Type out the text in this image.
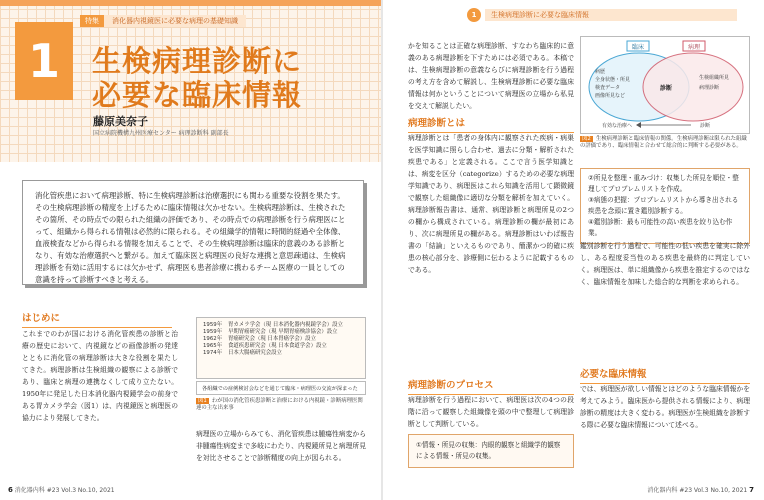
特集	消化器内視鏡医に必要な病理の基礎知識
1	生検病理診断に
必要な臨床情報
藤原美奈子
国立病院機構九州医療センター 病理診断科 副部長
消化管疾患において病理診断、特に生検病理診断は治療選択にも関わる重要な役割を果たす。その生検病理診断の精度を上げるために臨床情報は欠かせない。生検病理診断は、生検されたその箇所、その時点での限られた組織の評価であり、その時点での病理診断を行う病理医にとって、組織から得られる情報は必然的に限られる。その組織学的情報に時間的経過や全体像、血液検査などから得られる情報を加えることで、その生検病理診断は臨床的意義のある診断となり、有効な治療選択へと繋がる。加えて臨床医と病理医の良好な連携と意思疎通は、生検病理診断を有効に活用するには欠かせず、病理医も患者診療に携わるチーム医療の一員としての意識を持って診断すべきと考える。
はじめに
これまでのわが国における消化管疾患の診断と治療の歴史において、内視鏡などの画像診断の発達とともに消化管の病理診断は大きな役割を果たしてきた。病理診断は生検組織の観察による診断であり、臨床と病理の連携なくして成り立たない。1950年に発足した日本消化器内視鏡学会の前身である胃カメラ学会（図1）は、内視鏡医と病理医の協力により発展してきた。
1959年 胃カメラ学会（現 日本消化器内視鏡学会）設立
1959年 早期胃癌研究会（現 早期胃癌検診協会）設立
1962年 胃癌研究会（現 日本胃癌学会）設立
1965年 食道疾患研究会（現 日本食道学会）設立
1974年 日本大腸癌研究会設立
各組織での症例検討会などを通じて臨床・病理医の交流が深まった
図1 わが国の消化管疾患診断と治療における内視鏡・診断病理医関連の主な出来事
病理医の立場からみても、消化管疾患は腫瘍性病変から非腫瘍性病変まで多岐にわたり、内視鏡所見と病理所見を対比させることで診断精度の向上が図られる。
6 消化器内科 #23 Vol.3 No.10, 2021
1	生検病理診断に必要な臨床情報
かを知ることは正確な病理診断、すなわち臨床的に意義のある病理診断を下すためには必須である。本稿では、生検病理診断の意義ならびに病理診断を行う過程の考え方を含めて解説し、生検病理診断に必要な臨床情報は何かということについて病理医の立場から私見を交えて解説したい。
病理診断とは
病理診断とは「患者の身体内に観察された疾病・病巣を医学知識に照らし合わせ、過去に分類・解析された疾患である」と定義される。ここで言う医学知識とは、病変を区分（categorize）するための必要な病理学知識であり、病理医はこれら知識を活用して顕微鏡で観察した組織像に適切な分類を解析を加えていく。病理診断報告書は、通常、病理診断と病理所見の2つの欄から構成されている。病理診断の欄が最初にあり、次に病理所見の欄がある。病理診断はいわば報告書の「結論」といえるものであり、簡潔かつ的確に疾患の核心部分を、診療側に伝わるように記載するものである。
病理診断のプロセス
病理診断を行う過程において、病理医は次の4つの段階に沿って観察した組織像を頭の中で整理して病理診断として判断している。
①情報・所見の収集：内眼的観察と組織学的観察による情報・所見の収集。
臨床	病理
病歴
全身状態・所見
検査データ
画像所見など
生検組織所見
病理診断
診断
有効な治療へ	診断
図2 生検病理診断と臨床情報の関係。生検病理診断は限られた組織の評価であり、臨床情報と合わせて総合的に判断する必要がある。
②所見を整理・重みづけ：収集した所見を順位・整理してプロブレムリストを作成。
③病態の把握：プロブレムリストから導き出される疾患を念頭に置き鑑別診断する。
④鑑別診断：最も可能性の高い疾患を絞り込む作業。
鑑別診断を行う過程で、可能性の低い疾患を確実に除外し、ある程度妥当性のある疾患を最終的に判定していく。病理医は、単に組織像から疾患を推定するのではなく、臨床情報を加味した総合的な判断を求められる。
必要な臨床情報
では、病理医が欲しい情報とはどのような臨床情報かを考えてみよう。臨床医から提供される情報により、病理診断の精度は大きく変わる。病理医が生検組織を診断する際に必要な臨床情報について述べる。
消化器内科 #23 Vol.3 No.10, 2021 7
